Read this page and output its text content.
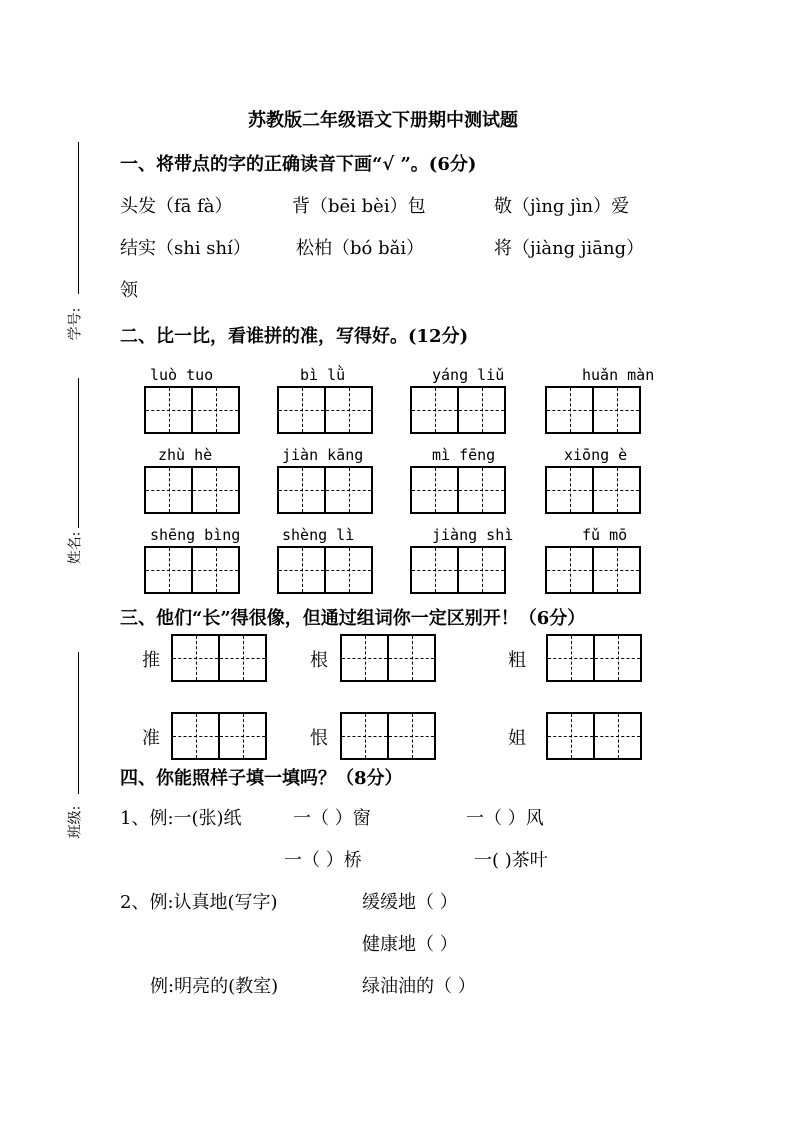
苏教版二年级语文下册期中测试题
学号:
姓名:
班级:
一、将带点的字的正确读音下画“√ ”。(6分)
头发（fā fà）	背（bēi bèi）包	敬（jìng jìn）爱
结实（shi shí）	松柏（bó bǎi）	将（jiàng jiāng）
领
二、比一比，看谁拼的准，写得好。(12分)
luò tuo	bì lǜ	yáng liǔ	huǎn màn
zhù hè	jiàn kāng	mì fēng	xiōng è
shēng bìng	shèng lì	jiàng shì	fǔ mō
三、他们“长”得很像，但通过组词你一定区别开！（6分）
推	根	粗
准	恨	姐
四、你能照样子填一填吗？（8分）
1、例:一(张)纸	一（ ）窗	一（ ）风
一（ ）桥	一( )茶叶
2、例:认真地(写字)	缓缓地（ ）
健康地（ ）
例:明亮的(教室)	绿油油的（ ）
